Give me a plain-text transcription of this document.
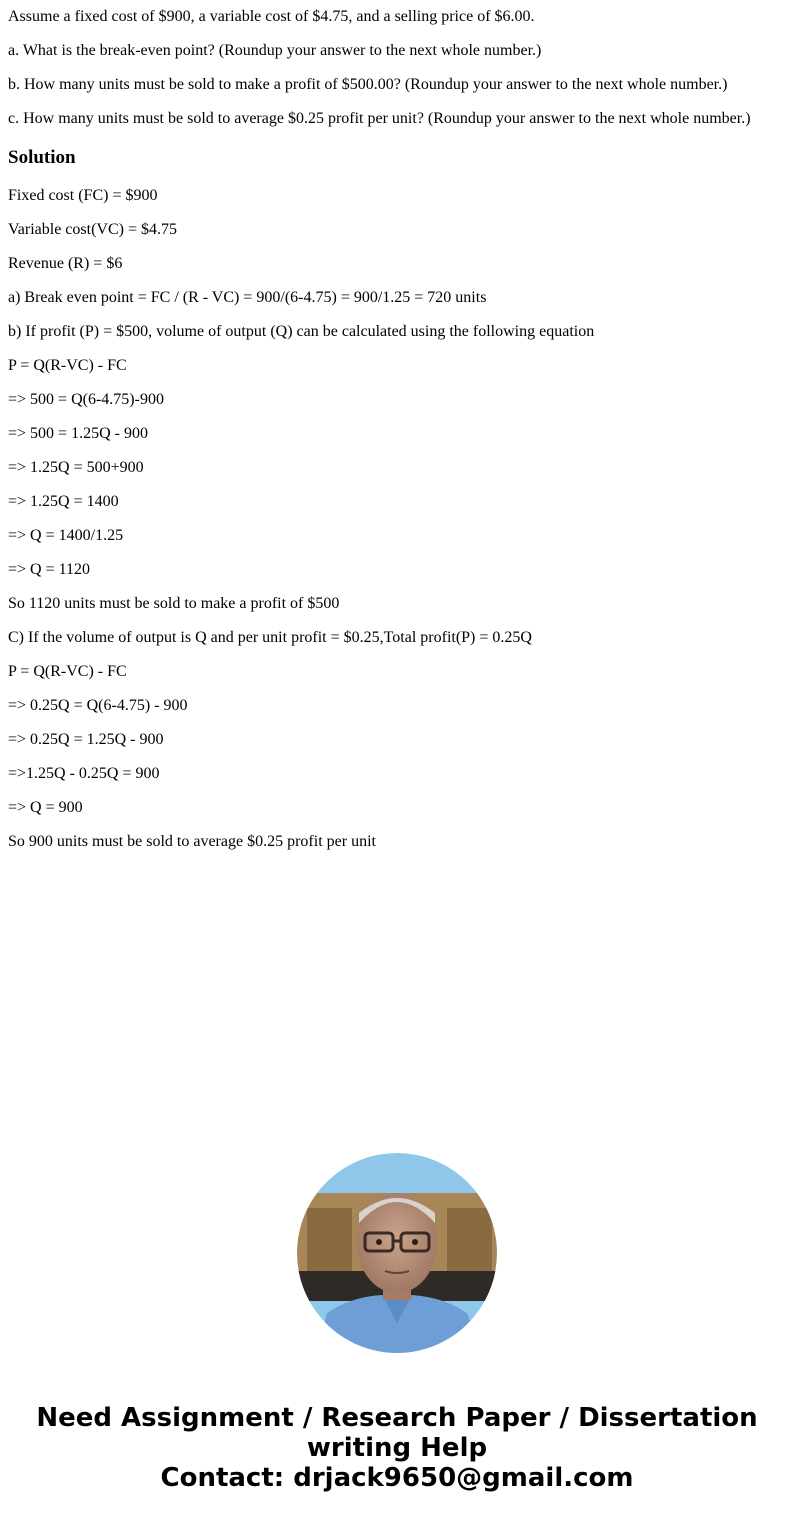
Assume a fixed cost of $900, a variable cost of $4.75, and a selling price of $6.00.

a. What is the break-even point? (Roundup your answer to the next whole number.)

b. How many units must be sold to make a profit of $500.00? (Roundup your answer to the next whole number.)

c. How many units must be sold to average $0.25 profit per unit? (Roundup your answer to the next whole number.)

Solution

Fixed cost (FC) = $900

Variable cost(VC) = $4.75

Revenue (R) = $6

a) Break even point = FC / (R - VC) = 900/(6-4.75) = 900/1.25 = 720 units

b) If profit (P) = $500, volume of output (Q) can be calculated using the following equation

P = Q(R-VC) - FC

=> 500 = Q(6-4.75)-900

=> 500 = 1.25Q - 900

=> 1.25Q = 500+900

=> 1.25Q = 1400

=> Q = 1400/1.25

=> Q = 1120

So 1120 units must be sold to make a profit of $500

C) If the volume of output is Q and per unit profit = $0.25,Total profit(P) = 0.25Q

P = Q(R-VC) - FC

=> 0.25Q = Q(6-4.75) - 900

=> 0.25Q = 1.25Q - 900

=>1.25Q - 0.25Q = 900

=> Q = 900

So 900 units must be sold to average $0.25 profit per unit

Need Assignment / Research Paper / Dissertation
writing Help
Contact: drjack9650@gmail.com
